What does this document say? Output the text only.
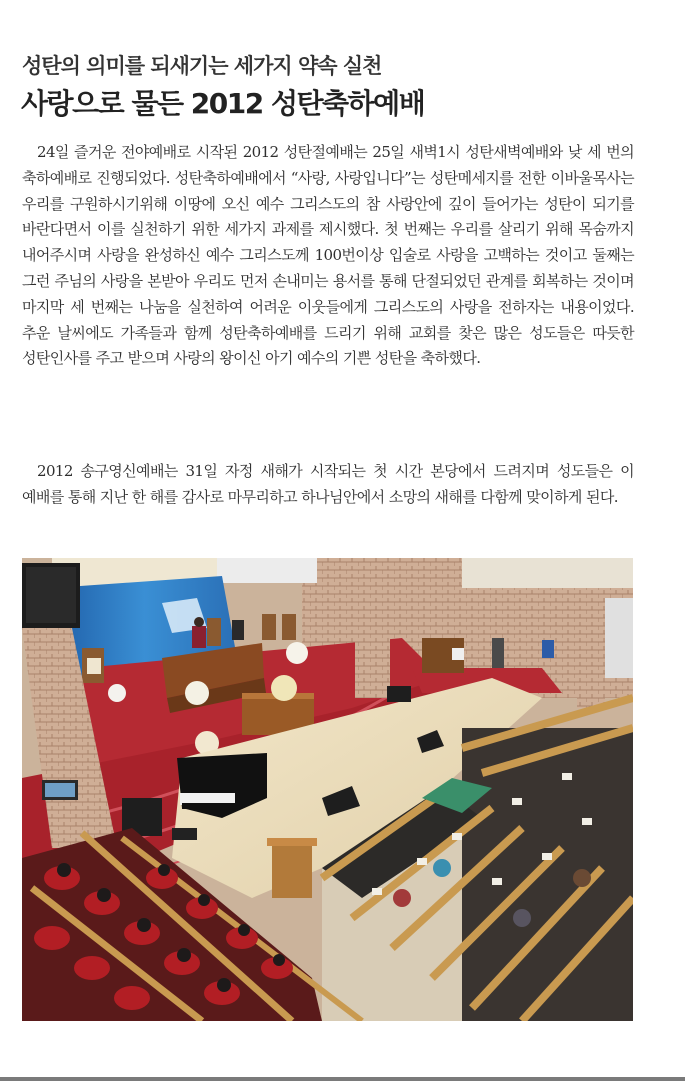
성탄의 의미를 되새기는 세가지 약속 실천
사랑으로 물든 2012 성탄축하예배

24일 즐거운 전야예배로 시작된 2012 성탄절예배는 25일 새벽1시 성탄새벽예배와 낮 세 번의 축하예배로 진행되었다. 성탄축하예배에서 “사랑, 사랑입니다”는 성탄메세지를 전한 이바울목사는 우리를 구원하시기위해 이땅에 오신 예수 그리스도의 참 사랑안에 깊이 들어가는 성탄이 되기를 바란다면서 이를 실천하기 위한 세가지 과제를 제시했다. 첫 번째는 우리를 살리기 위해 목숨까지 내어주시며 사랑을 완성하신 예수 그리스도께 100번이상 입술로 사랑을 고백하는 것이고 둘째는 그런 주님의 사랑을 본받아 우리도 먼저 손내미는 용서를 통해 단절되었던 관계를 회복하는 것이며 마지막 세 번째는 나눔을 실천하여 어려운 이웃들에게 그리스도의 사랑을 전하자는 내용이었다. 추운 날씨에도 가족들과 함께 성탄축하예배를 드리기 위해 교회를 찾은 많은 성도들은 따듯한 성탄인사를 주고 받으며 사랑의 왕이신 아기 예수의 기쁜 성탄을 축하했다.

2012 송구영신예배는 31일 자정 새해가 시작되는 첫 시간 본당에서 드려지며 성도들은 이 예배를 통해 지난 한 해를 감사로 마무리하고 하나님안에서 소망의 새해를 다함께 맞이하게 된다.
